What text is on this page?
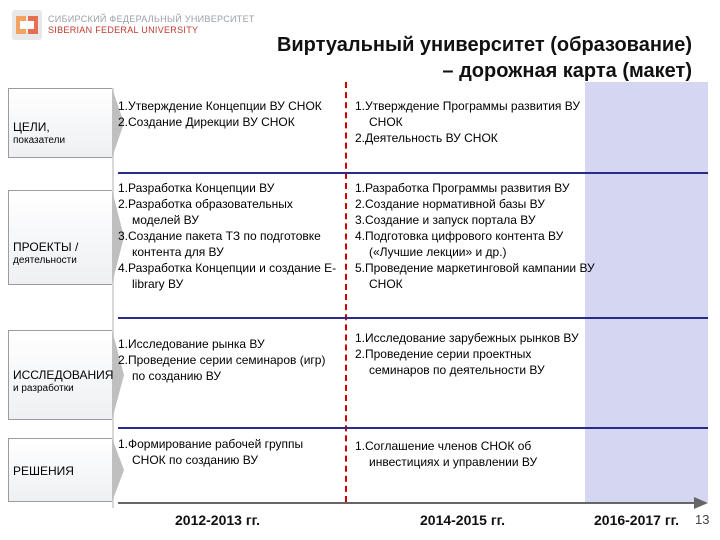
СИБИРСКИЙ ФЕДЕРАЛЬНЫЙ УНИВЕРСИТЕТ
SIBERIAN FEDERAL UNIVERSITY
Виртуальный университет (образование)
– дорожная карта (макет)
ЦЕЛИ,
показатели
ПРОЕКТЫ /
деятельности
ИССЛЕДОВАНИЯ
и разработки
РЕШЕНИЯ
1.Утверждение Концепции ВУ СНОК
2.Создание Дирекции ВУ СНОК
1.Утверждение Программы развития ВУ СНОК
2.Деятельность ВУ СНОК
1.Разработка Концепции ВУ
2.Разработка образовательных моделей ВУ
3.Создание пакета ТЗ по подготовке контента для ВУ
4.Разработка Концепции и создание E-library ВУ
1.Разработка Программы развития ВУ
2.Создание нормативной базы ВУ
3.Создание и запуск портала ВУ
4.Подготовка цифрового контента ВУ («Лучшие лекции» и др.)
5.Проведение маркетинговой кампании ВУ СНОК
1.Исследование рынка ВУ
2.Проведение серии семинаров (игр) по созданию ВУ
1.Исследование зарубежных рынков ВУ
2.Проведение серии проектных семинаров по деятельности ВУ
1.Формирование рабочей группы СНОК по созданию ВУ
1.Соглашение членов СНОК об инвестициях и управлении ВУ
2012-2013 гг.	2014-2015 гг.	2016-2017 гг. 13
